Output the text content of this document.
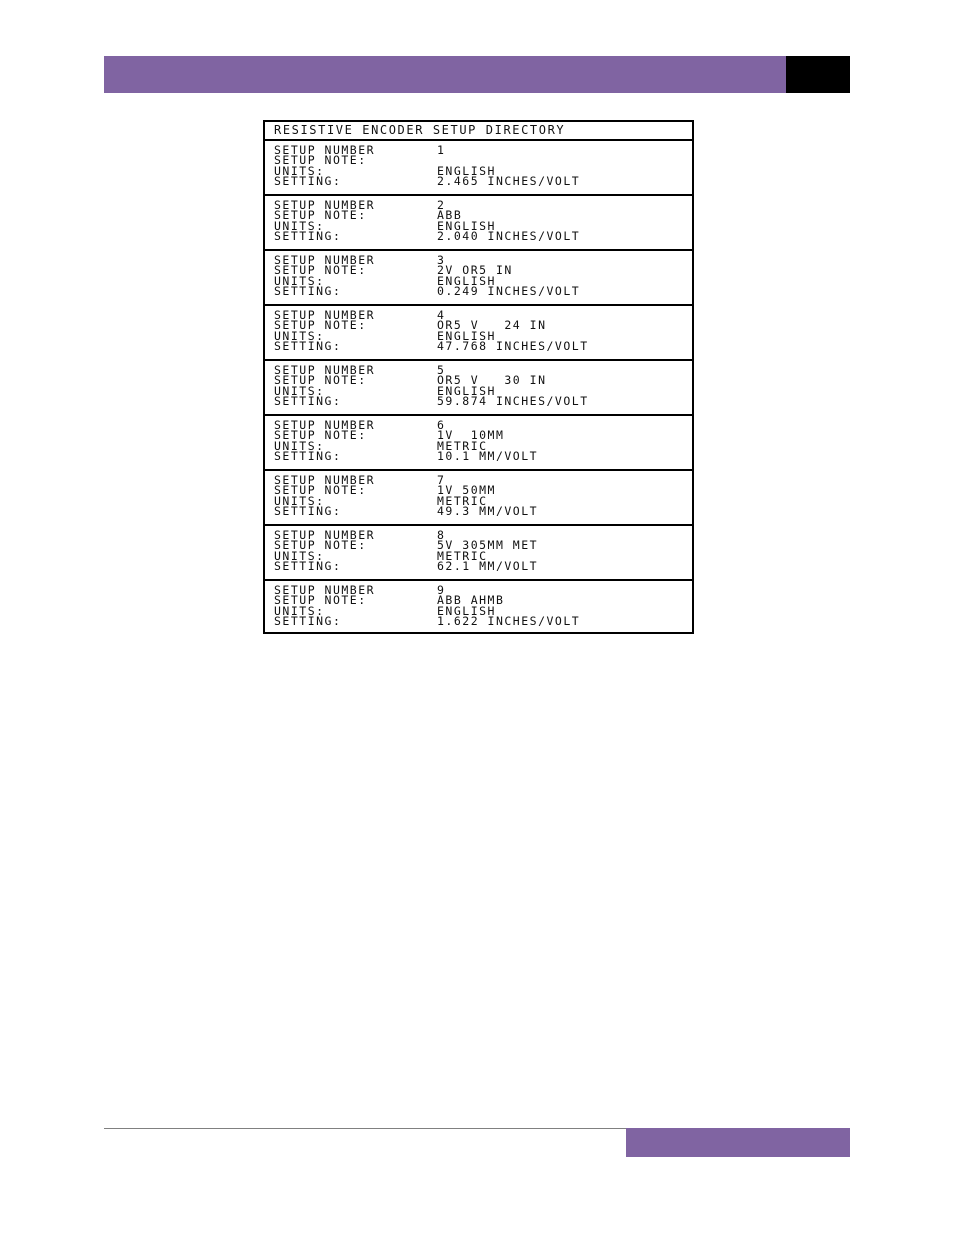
RESISTIVE ENCODER SETUP DIRECTORY
SETUP NUMBER	1
SETUP NOTE:
UNITS:	ENGLISH
SETTING:	2.465 INCHES/VOLT
SETUP NUMBER	2
SETUP NOTE:	ABB
UNITS:	ENGLISH
SETTING:	2.040 INCHES/VOLT
SETUP NUMBER	3
SETUP NOTE:	2V OR5 IN
UNITS:	ENGLISH
SETTING:	0.249 INCHES/VOLT
SETUP NUMBER	4
SETUP NOTE:	OR5 V   24 IN
UNITS:	ENGLISH
SETTING:	47.768 INCHES/VOLT
SETUP NUMBER	5
SETUP NOTE:	OR5 V   30 IN
UNITS:	ENGLISH
SETTING:	59.874 INCHES/VOLT
SETUP NUMBER	6
SETUP NOTE:	1V  10MM
UNITS:	METRIC
SETTING:	10.1 MM/VOLT
SETUP NUMBER	7
SETUP NOTE:	1V 50MM
UNITS:	METRIC
SETTING:	49.3 MM/VOLT
SETUP NUMBER	8
SETUP NOTE:	5V 305MM MET
UNITS:	METRIC
SETTING:	62.1 MM/VOLT
SETUP NUMBER	9
SETUP NOTE:	ABB AHMB
UNITS:	ENGLISH
SETTING:	1.622 INCHES/VOLT
